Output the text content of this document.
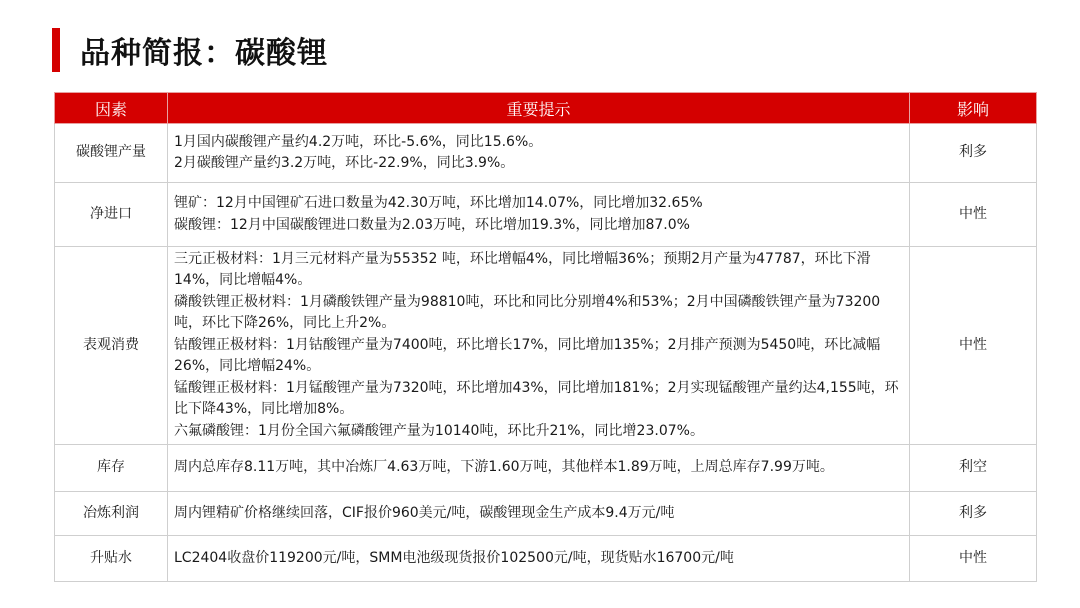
品种简报：碳酸锂
因素	重要提示	影响
碳酸锂产量	1月国内碳酸锂产量约4.2万吨，环比-5.6%，同比15.6%。
2月碳酸锂产量约3.2万吨，环比-22.9%，同比3.9%。	利多
净进口	锂矿：12月中国锂矿石进口数量为42.30万吨，环比增加14.07%，同比增加32.65%
碳酸锂：12月中国碳酸锂进口数量为2.03万吨，环比增加19.3%，同比增加87.0%	中性
表观消费	三元正极材料：1月三元材料产量为55352 吨，环比增幅4%，同比增幅36%；预期2月产量为47787，环比下滑14%，同比增幅4%。
磷酸铁锂正极材料：1月磷酸铁锂产量为98810吨，环比和同比分别增4%和53%；2月中国磷酸铁锂产量为73200吨，环比下降26%，同比上升2%。
钴酸锂正极材料：1月钴酸锂产量为7400吨，环比增长17%，同比增加135%；2月排产预测为5450吨，环比减幅26%，同比增幅24%。
锰酸锂正极材料：1月锰酸锂产量为7320吨，环比增加43%，同比增加181%；2月实现锰酸锂产量约达4,155吨，环比下降43%，同比增加8%。
六氟磷酸锂：1月份全国六氟磷酸锂产量为10140吨，环比升21%，同比增23.07%。	中性
库存	周内总库存8.11万吨，其中冶炼厂4.63万吨，下游1.60万吨，其他样本1.89万吨，上周总库存7.99万吨。	利空
冶炼利润	周内锂精矿价格继续回落，CIF报价960美元/吨，碳酸锂现金生产成本9.4万元/吨	利多
升贴水	LC2404收盘价119200元/吨，SMM电池级现货报价102500元/吨，现货贴水16700元/吨	中性
